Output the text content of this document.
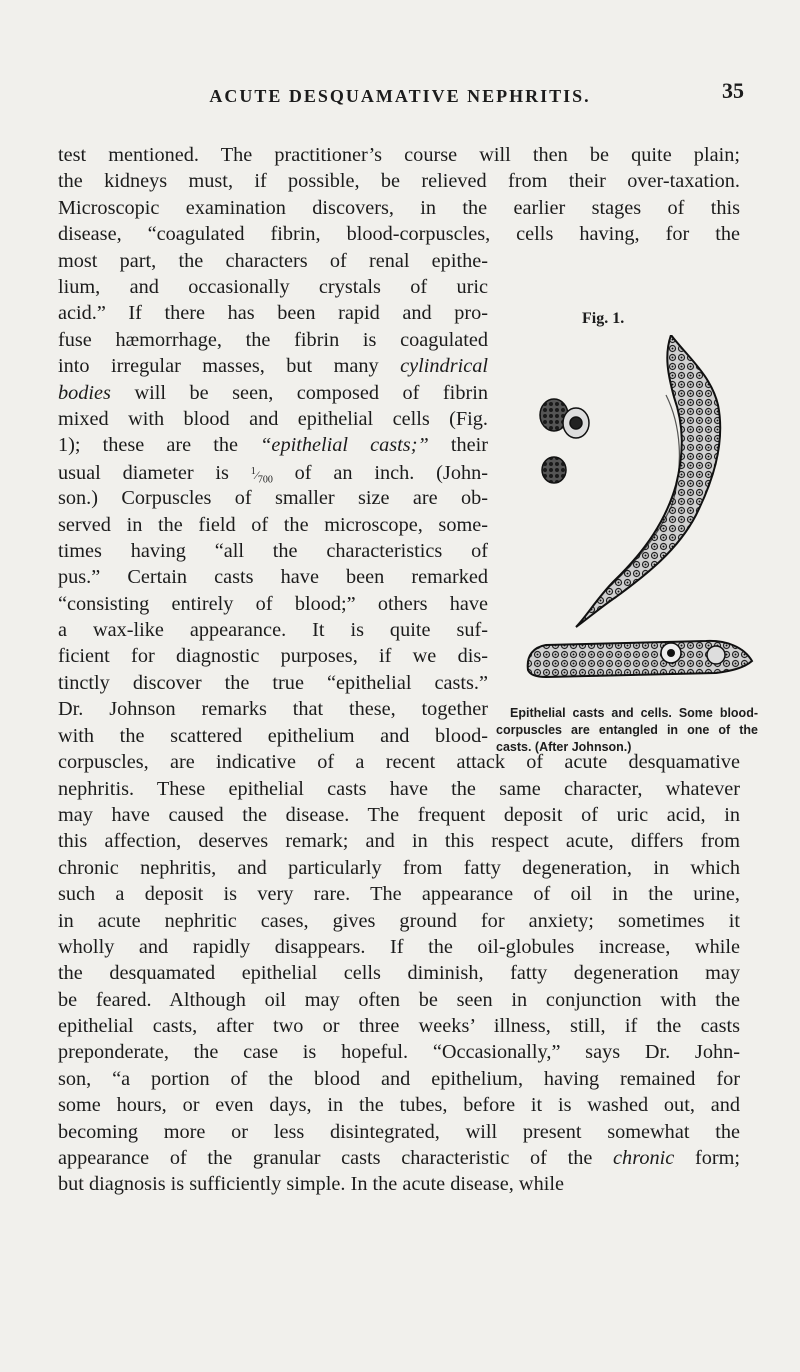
ACUTE DESQUAMATIVE NEPHRITIS.	35
test mentioned. The practitioner’s course will then be quite plain;
the kidneys must, if possible, be relieved from their over-taxation.
Microscopic examination discovers, in the earlier stages of this
disease, “coagulated fibrin, blood-corpuscles, cells having, for the
most part, the characters of renal epithe-
lium, and occasionally crystals of uric
acid.” If there has been rapid and pro-
fuse hæmorrhage, the fibrin is coagulated
into irregular masses, but many cylindrical
bodies will be seen, composed of fibrin
mixed with blood and epithelial cells (Fig.
1); these are the “epithelial casts;” their
usual diameter is $^1⁄_{700}$ of an inch. (John-
son.) Corpuscles of smaller size are ob-
served in the field of the microscope, some-
times having “all the characteristics of
pus.” Certain casts have been remarked
“consisting entirely of blood;” others have
a wax-like appearance. It is quite suf-
ficient for diagnostic purposes, if we dis-
tinctly discover the true “epithelial casts.”
Dr. Johnson remarks that these, together
with the scattered epithelium and blood-
Fig. 1.
Epithelial casts and cells. Some blood-corpuscles are entangled in one of the casts. (After Johnson.)
corpuscles, are indicative of a recent attack of acute desquamative
nephritis. These epithelial casts have the same character, whatever
may have caused the disease. The frequent deposit of uric acid, in
this affection, deserves remark; and in this respect acute, differs from
chronic nephritis, and particularly from fatty degeneration, in which
such a deposit is very rare. The appearance of oil in the urine,
in acute nephritic cases, gives ground for anxiety; sometimes it
wholly and rapidly disappears. If the oil-globules increase, while
the desquamated epithelial cells diminish, fatty degeneration may
be feared. Although oil may often be seen in conjunction with the
epithelial casts, after two or three weeks’ illness, still, if the casts
preponderate, the case is hopeful. “Occasionally,” says Dr. John-
son, “a portion of the blood and epithelium, having remained for
some hours, or even days, in the tubes, before it is washed out, and
becoming more or less disintegrated, will present somewhat the
appearance of the granular casts characteristic of the chronic form;
but diagnosis is sufficiently simple. In the acute disease, while
